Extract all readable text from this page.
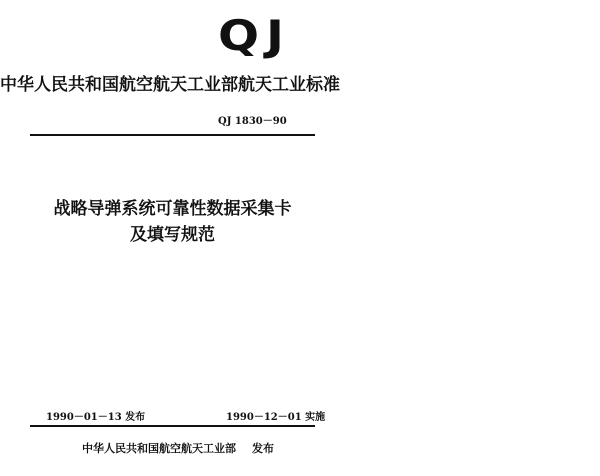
QJ
中华人民共和国航空航天工业部航天工业标准
QJ 1830－90
战略导弹系统可靠性数据采集卡
及填写规范
1990－01－13 发布	1990－12－01 实施
中华人民共和国航空航天工业部 发布
